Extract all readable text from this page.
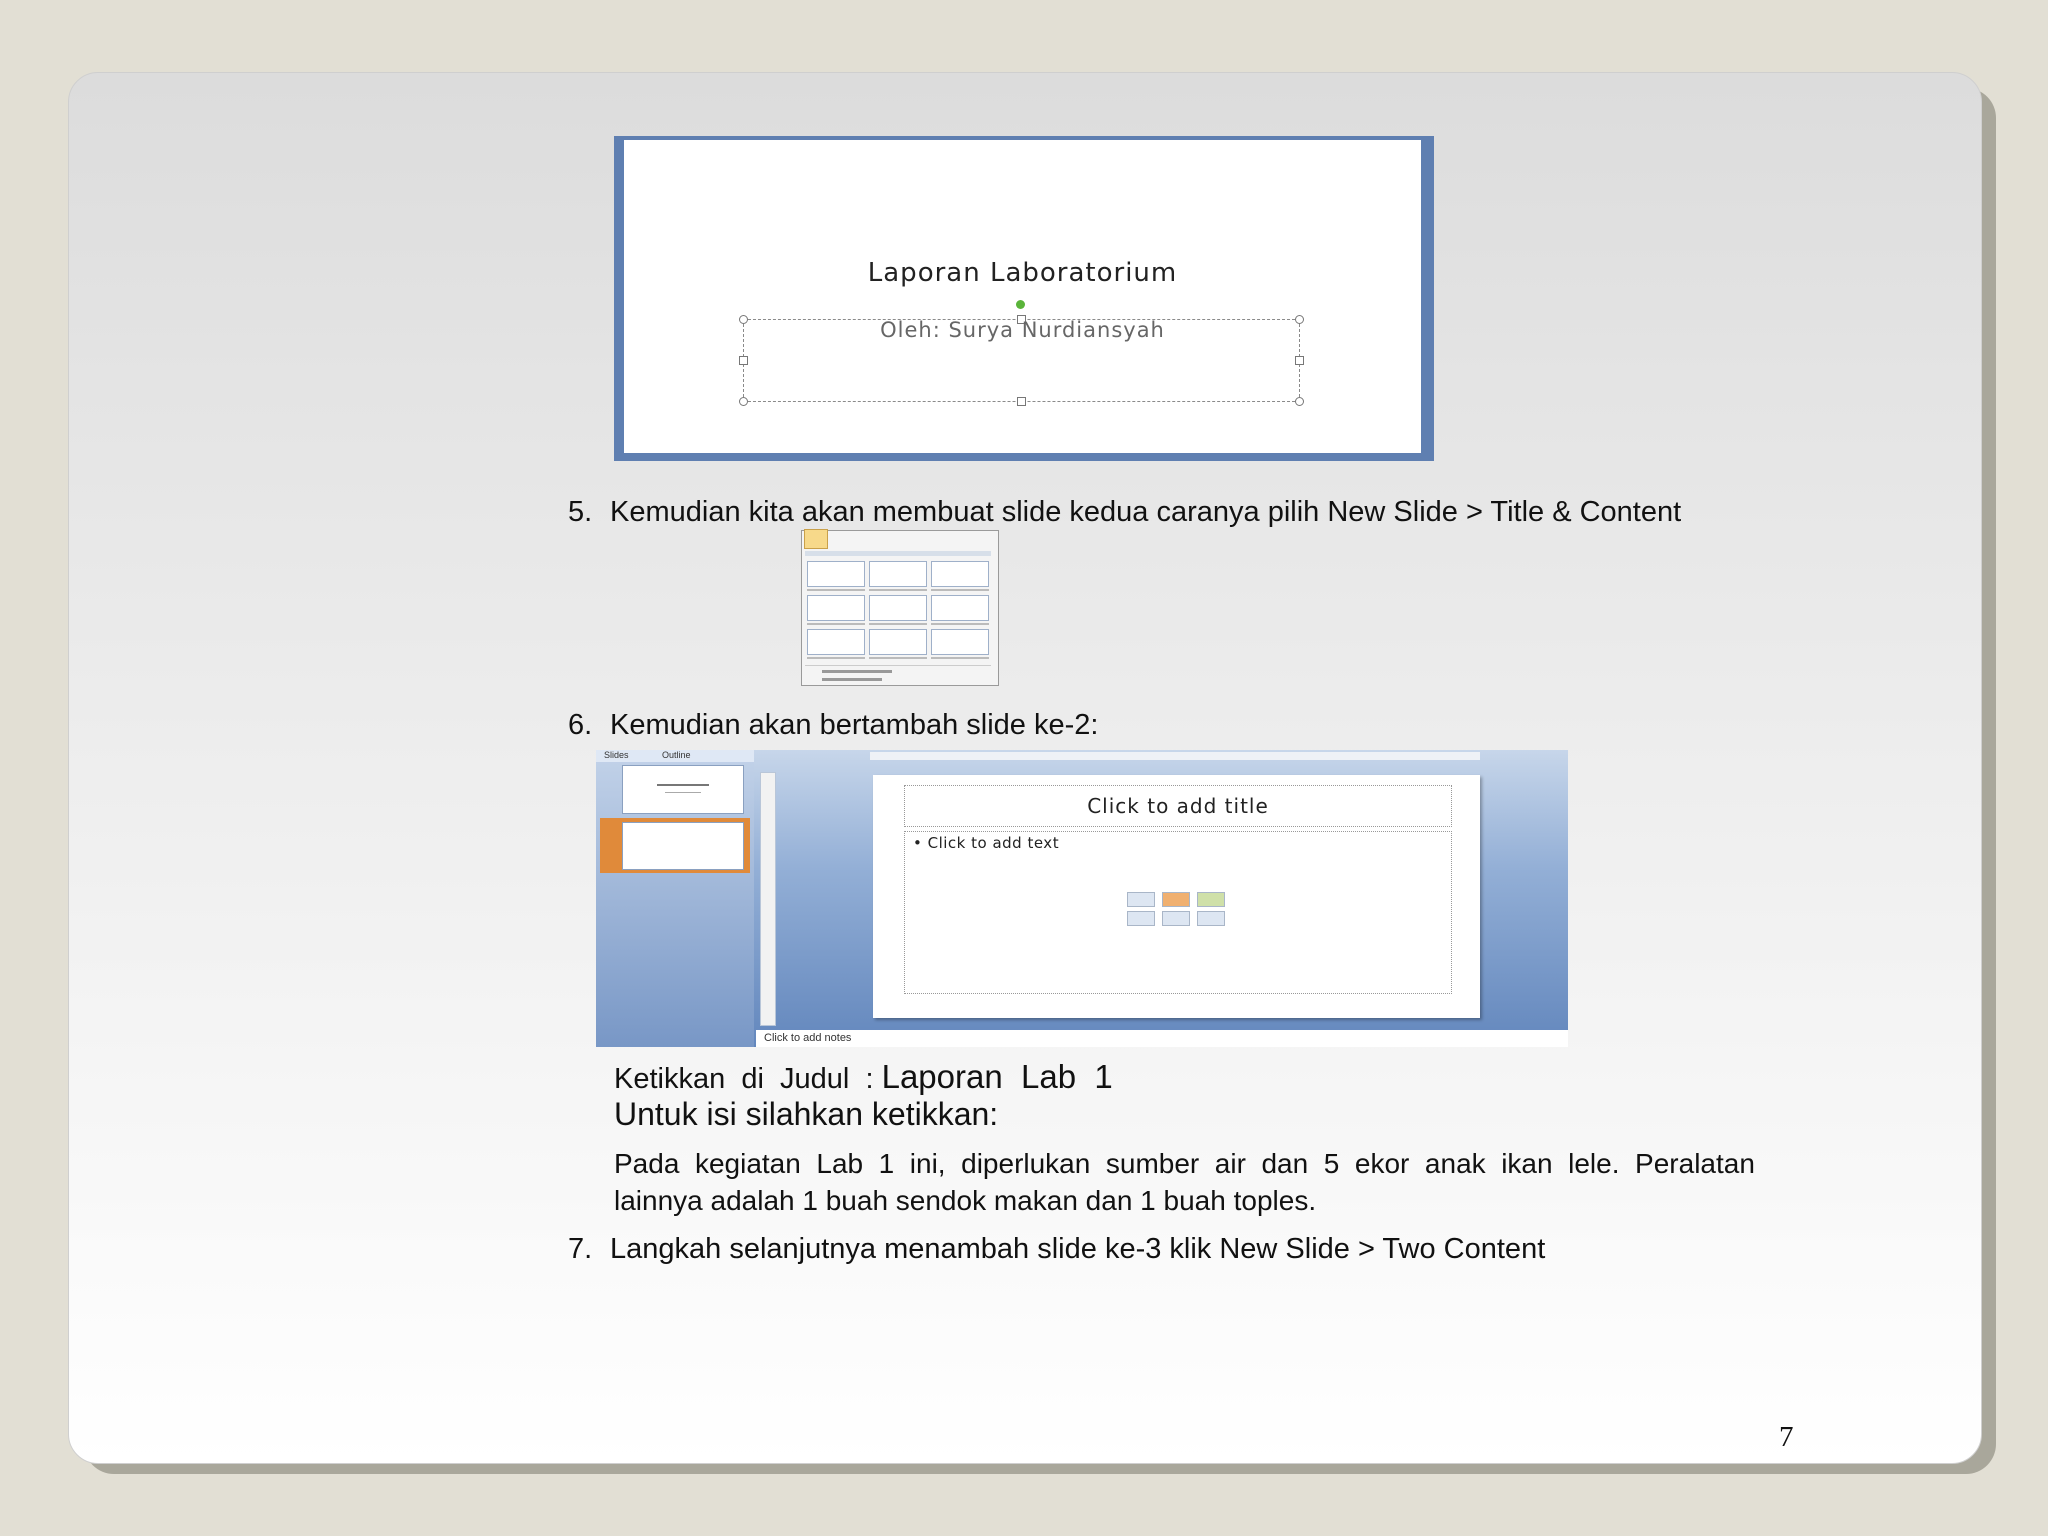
Laporan Laboratorium
Oleh: Surya Nurdiansyah
5. Kemudian kita akan membuat slide kedua caranya pilih New Slide > Title & Content
6. Kemudian akan bertambah slide ke-2:
Slides	Outline
Click to add title
• Click to add text
Click to add notes
Ketikkan  di  Judul  : Laporan  Lab  1
Untuk isi silahkan ketikkan:
Pada  kegiatan  Lab  1  ini,  diperlukan  sumber  air  dan  5  ekor  anak  ikan  lele.  Peralatan
lainnya adalah 1 buah sendok makan dan 1 buah toples.
7. Langkah selanjutnya menambah slide ke-3 klik New Slide > Two Content
7
